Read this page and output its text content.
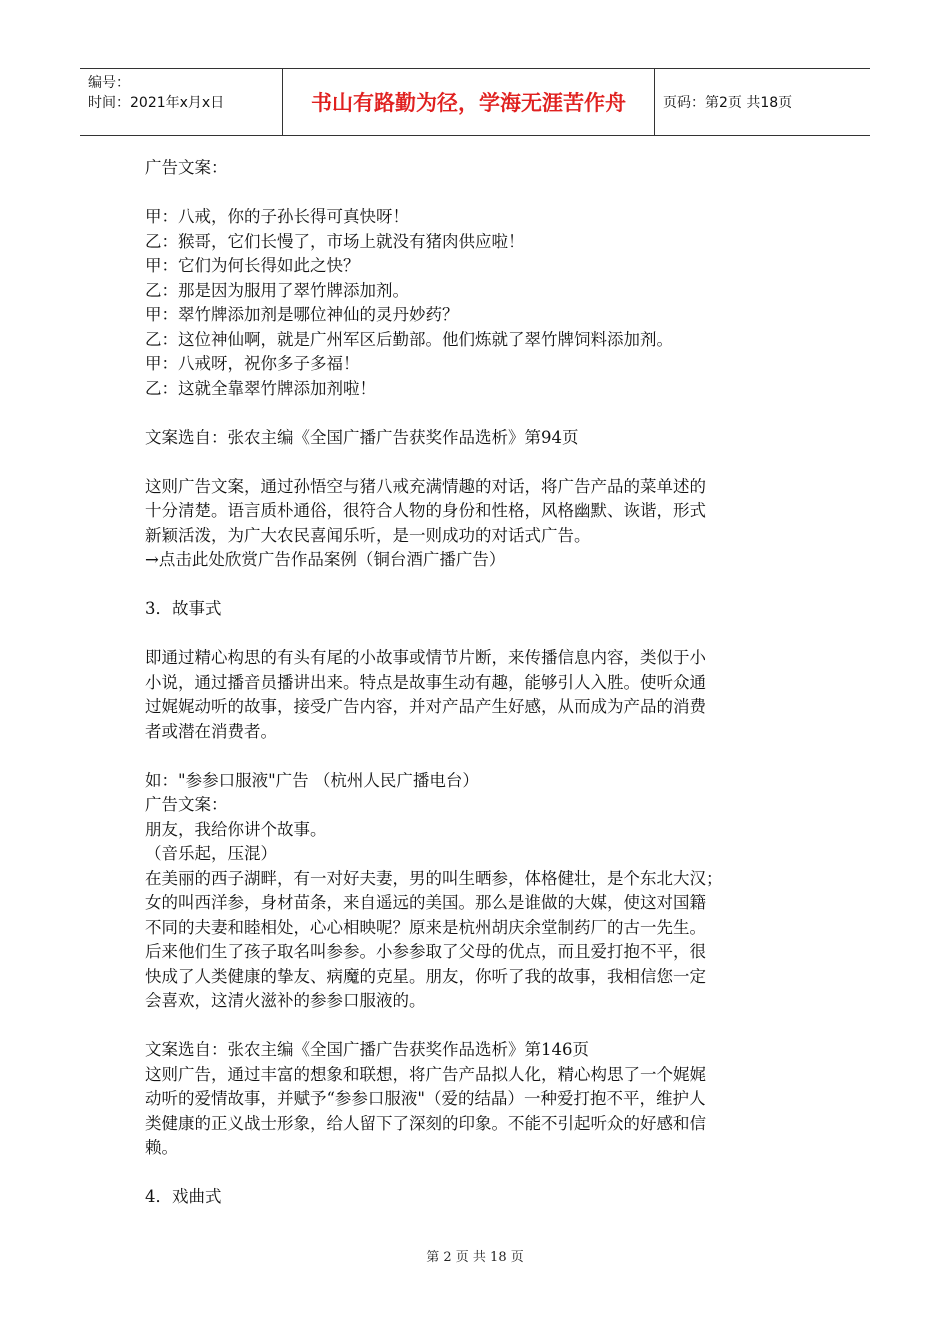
编号：
时间：2021年x月x日	书山有路勤为径，学海无涯苦作舟	页码：第2页 共18页

广告文案：

甲：八戒，你的子孙长得可真快呀！

乙：猴哥，它们长慢了，市场上就没有猪肉供应啦！

甲：它们为何长得如此之快？

乙：那是因为服用了翠竹牌添加剂。

甲：翠竹牌添加剂是哪位神仙的灵丹妙药？

乙：这位神仙啊，就是广州军区后勤部。他们炼就了翠竹牌饲料添加剂。

甲：八戒呀，祝你多子多福！

乙：这就全靠翠竹牌添加剂啦！

文案选自：张农主编《全国广播广告获奖作品选析》第94页

这则广告文案，通过孙悟空与猪八戒充满情趣的对话，将广告产品的菜单述的

十分清楚。语言质朴通俗，很符合人物的身份和性格，风格幽默、诙谐，形式

新颖活泼，为广大农民喜闻乐听，是一则成功的对话式广告。

→点击此处欣赏广告作品案例（铜台酒广播广告）

3．故事式

即通过精心构思的有头有尾的小故事或情节片断，来传播信息内容，类似于小

小说，通过播音员播讲出来。特点是故事生动有趣，能够引人入胜。使听众通

过娓娓动听的故事，接受广告内容，并对产品产生好感，从而成为产品的消费

者或潜在消费者。

如："参参口服液"广告 （杭州人民广播电台）

广告文案：

朋友，我给你讲个故事。

（音乐起，压混）

在美丽的西子湖畔，有一对好夫妻，男的叫生晒参，体格健壮，是个东北大汉；

女的叫西洋参，身材苗条，来自遥远的美国。那么是谁做的大媒，使这对国籍

不同的夫妻和睦相处，心心相映呢？原来是杭州胡庆余堂制药厂的古一先生。

后来他们生了孩子取名叫参参。小参参取了父母的优点，而且爱打抱不平，很

快成了人类健康的挚友、病魔的克星。朋友，你听了我的故事，我相信您一定

会喜欢，这清火滋补的参参口服液的。

文案选自：张农主编《全国广播广告获奖作品选析》第146页

这则广告，通过丰富的想象和联想，将广告产品拟人化，精心构思了一个娓娓

动听的爱情故事，并赋予“参参口服液"（爱的结晶）一种爱打抱不平，维护人

类健康的正义战士形象，给人留下了深刻的印象。不能不引起听众的好感和信

赖。

4．戏曲式

第 2 页 共 18 页
